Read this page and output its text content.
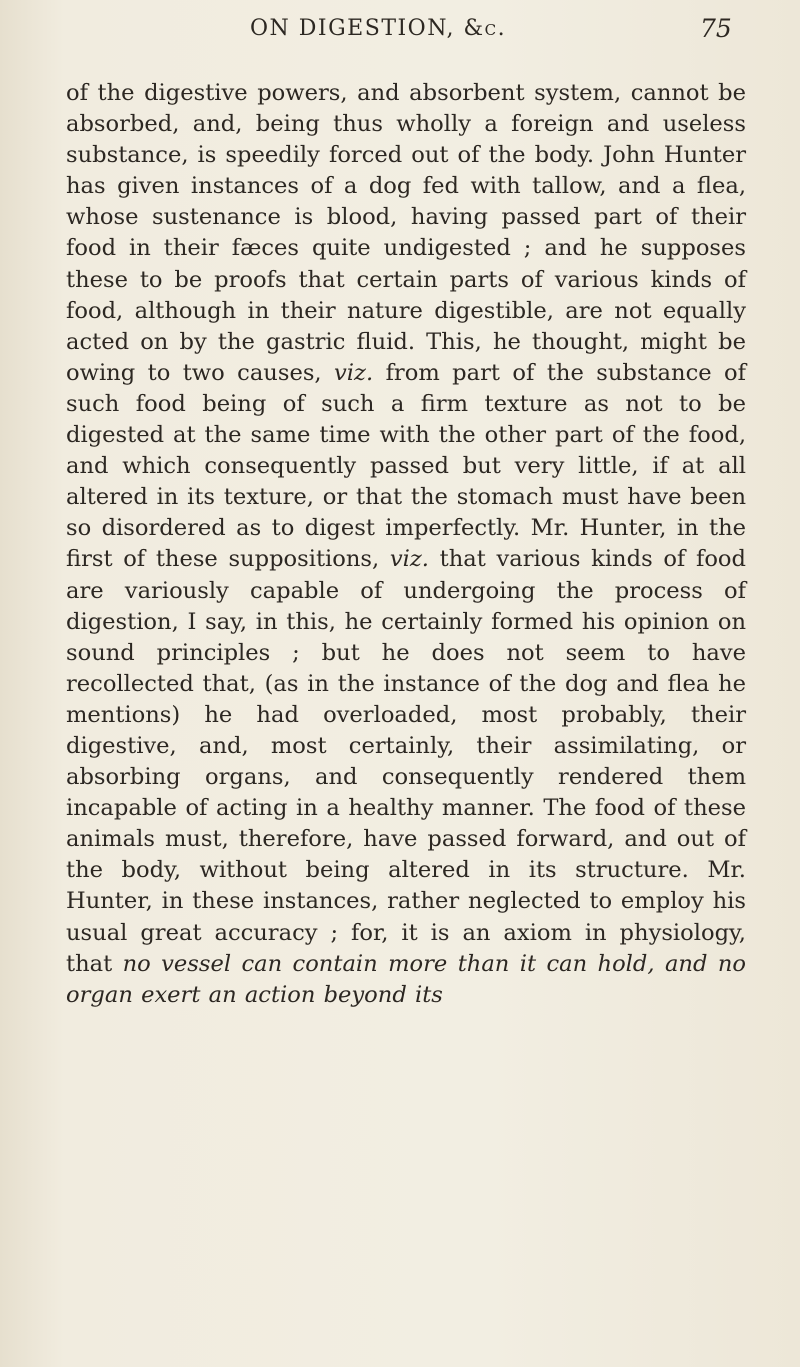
ON DIGESTION, &c.	75
of the digestive powers, and absorbent system, cannot be absorbed, and, being thus wholly a foreign and useless substance, is speedily forced out of the body. John Hunter has given instances of a dog fed with tallow, and a flea, whose sustenance is blood, having passed part of their food in their fæces quite undigested ; and he supposes these to be proofs that certain parts of various kinds of food, although in their nature digestible, are not equally acted on by the gastric fluid. This, he thought, might be owing to two causes, viz. from part of the substance of such food being of such a firm texture as not to be digested at the same time with the other part of the food, and which consequently passed but very little, if at all altered in its texture, or that the stomach must have been so disordered as to digest imperfectly. Mr. Hunter, in the first of these suppositions, viz. that various kinds of food are variously capable of undergoing the process of digestion, I say, in this, he certainly formed his opinion on sound principles ; but he does not seem to have recollected that, (as in the instance of the dog and flea he mentions) he had overloaded, most probably, their digestive, and, most certainly, their assimilating, or absorbing organs, and consequently rendered them incapable of acting in a healthy manner. The food of these animals must, therefore, have passed forward, and out of the body, without being altered in its structure. Mr. Hunter, in these instances, rather neglected to employ his usual great accuracy ; for, it is an axiom in physiology, that no vessel can contain more than it can hold, and no organ exert an action beyond its
